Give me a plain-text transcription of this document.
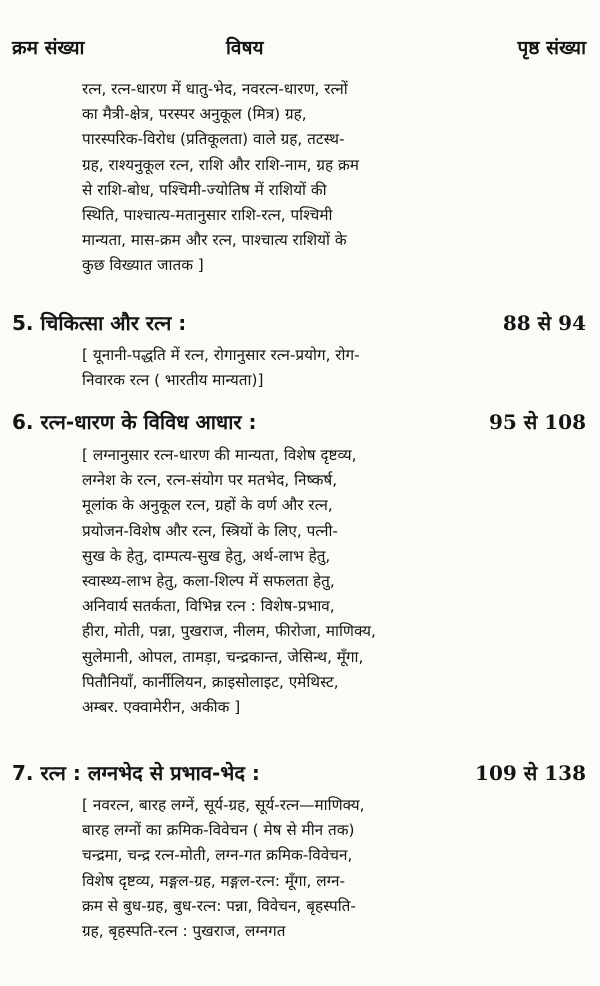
क्रम संख्या	विषय	पृष्ठ संख्या
रत्न, रत्न-धारण में धातु-भेद, नवरत्न-धारण, रत्नों
का मैत्री-क्षेत्र, परस्पर अनुकूल (मित्र) ग्रह,
पारस्परिक-विरोध (प्रतिकूलता) वाले ग्रह, तटस्थ-
ग्रह, राश्यनुकूल रत्न, राशि और राशि-नाम, ग्रह क्रम
से राशि-बोध, पश्चिमी-ज्योतिष में राशियों की
स्थिति, पाश्चात्य-मतानुसार राशि-रत्न, पश्चिमी
मान्यता, मास-क्रम और रत्न, पाश्चात्य राशियों के
कुछ विख्यात जातक ]
5. चिकित्सा और रत्न :	88 से 94
[ यूनानी-पद्धति में रत्न, रोगानुसार रत्न-प्रयोग, रोग-
निवारक रत्न ( भारतीय मान्यता)]
6. रत्न-धारण के विविध आधार :	95 से 108
[ लग्नानुसार रत्न-धारण की मान्यता, विशेष दृष्टव्य,
लग्नेश के रत्न, रत्न-संयोग पर मतभेद, निष्कर्ष,
मूलांक के अनुकूल रत्न, ग्रहों के वर्ण और रत्न,
प्रयोजन-विशेष और रत्न, स्त्रियों के लिए, पत्नी-
सुख के हेतु, दाम्पत्य-सुख हेतु, अर्थ-लाभ हेतु,
स्वास्थ्य-लाभ हेतु, कला-शिल्प में सफलता हेतु,
अनिवार्य सतर्कता, विभिन्न रत्न : विशेष-प्रभाव,
हीरा, मोती, पन्ना, पुखराज, नीलम, फीरोजा, माणिक्य,
सुलेमानी, ओपल, तामड़ा, चन्द्रकान्त, जेसिन्थ, मूँगा,
पितौनियाँ, कार्नीलियन, क्राइसोलाइट, एमेथिस्ट,
अम्बर. एक्वामेरीन, अकीक ]
7. रत्न : लग्नभेद से प्रभाव-भेद :	109 से 138
[ नवरत्न, बारह लग्नें, सूर्य-ग्रह, सूर्य-रत्न—माणिक्य,
बारह लग्नों का क्रमिक-विवेचन ( मेष से मीन तक)
चन्द्रमा, चन्द्र रत्न-मोती, लग्न-गत क्रमिक-विवेचन,
विशेष दृष्टव्य, मङ्गल-ग्रह, मङ्गल-रत्न: मूँगा, लग्न-
क्रम से बुध-ग्रह, बुध-रत्न: पन्ना, विवेचन, बृहस्पति-
ग्रह, बृहस्पति-रत्न : पुखराज, लग्नगत
